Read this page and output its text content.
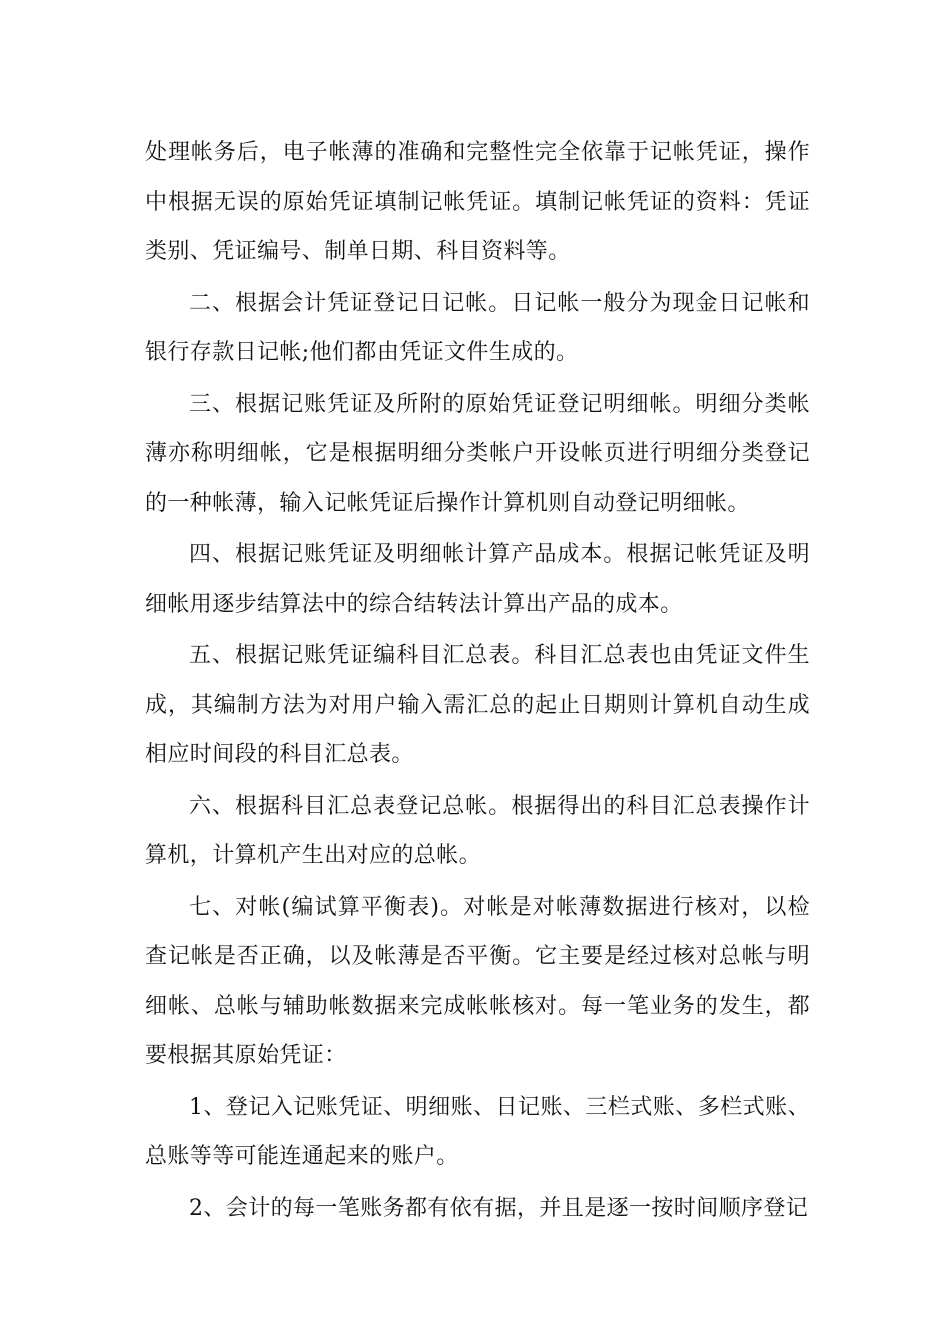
处理帐务后，电子帐薄的准确和完整性完全依靠于记帐凭证，操作中根据无误的原始凭证填制记帐凭证。填制记帐凭证的资料：凭证类别、凭证编号、制单日期、科目资料等。

二、根据会计凭证登记日记帐。日记帐一般分为现金日记帐和银行存款日记帐;他们都由凭证文件生成的。

三、根据记账凭证及所附的原始凭证登记明细帐。明细分类帐薄亦称明细帐，它是根据明细分类帐户开设帐页进行明细分类登记的一种帐薄，输入记帐凭证后操作计算机则自动登记明细帐。

四、根据记账凭证及明细帐计算产品成本。根据记帐凭证及明细帐用逐步结算法中的综合结转法计算出产品的成本。

五、根据记账凭证编科目汇总表。科目汇总表也由凭证文件生成，其编制方法为对用户输入需汇总的起止日期则计算机自动生成相应时间段的科目汇总表。

六、根据科目汇总表登记总帐。根据得出的科目汇总表操作计算机，计算机产生出对应的总帐。

七、对帐(编试算平衡表)。对帐是对帐薄数据进行核对，以检查记帐是否正确，以及帐薄是否平衡。它主要是经过核对总帐与明细帐、总帐与辅助帐数据来完成帐帐核对。每一笔业务的发生，都要根据其原始凭证：

1、登记入记账凭证、明细账、日记账、三栏式账、多栏式账、总账等等可能连通起来的账户。

2、会计的每一笔账务都有依有据，并且是逐一按时间顺序登记
